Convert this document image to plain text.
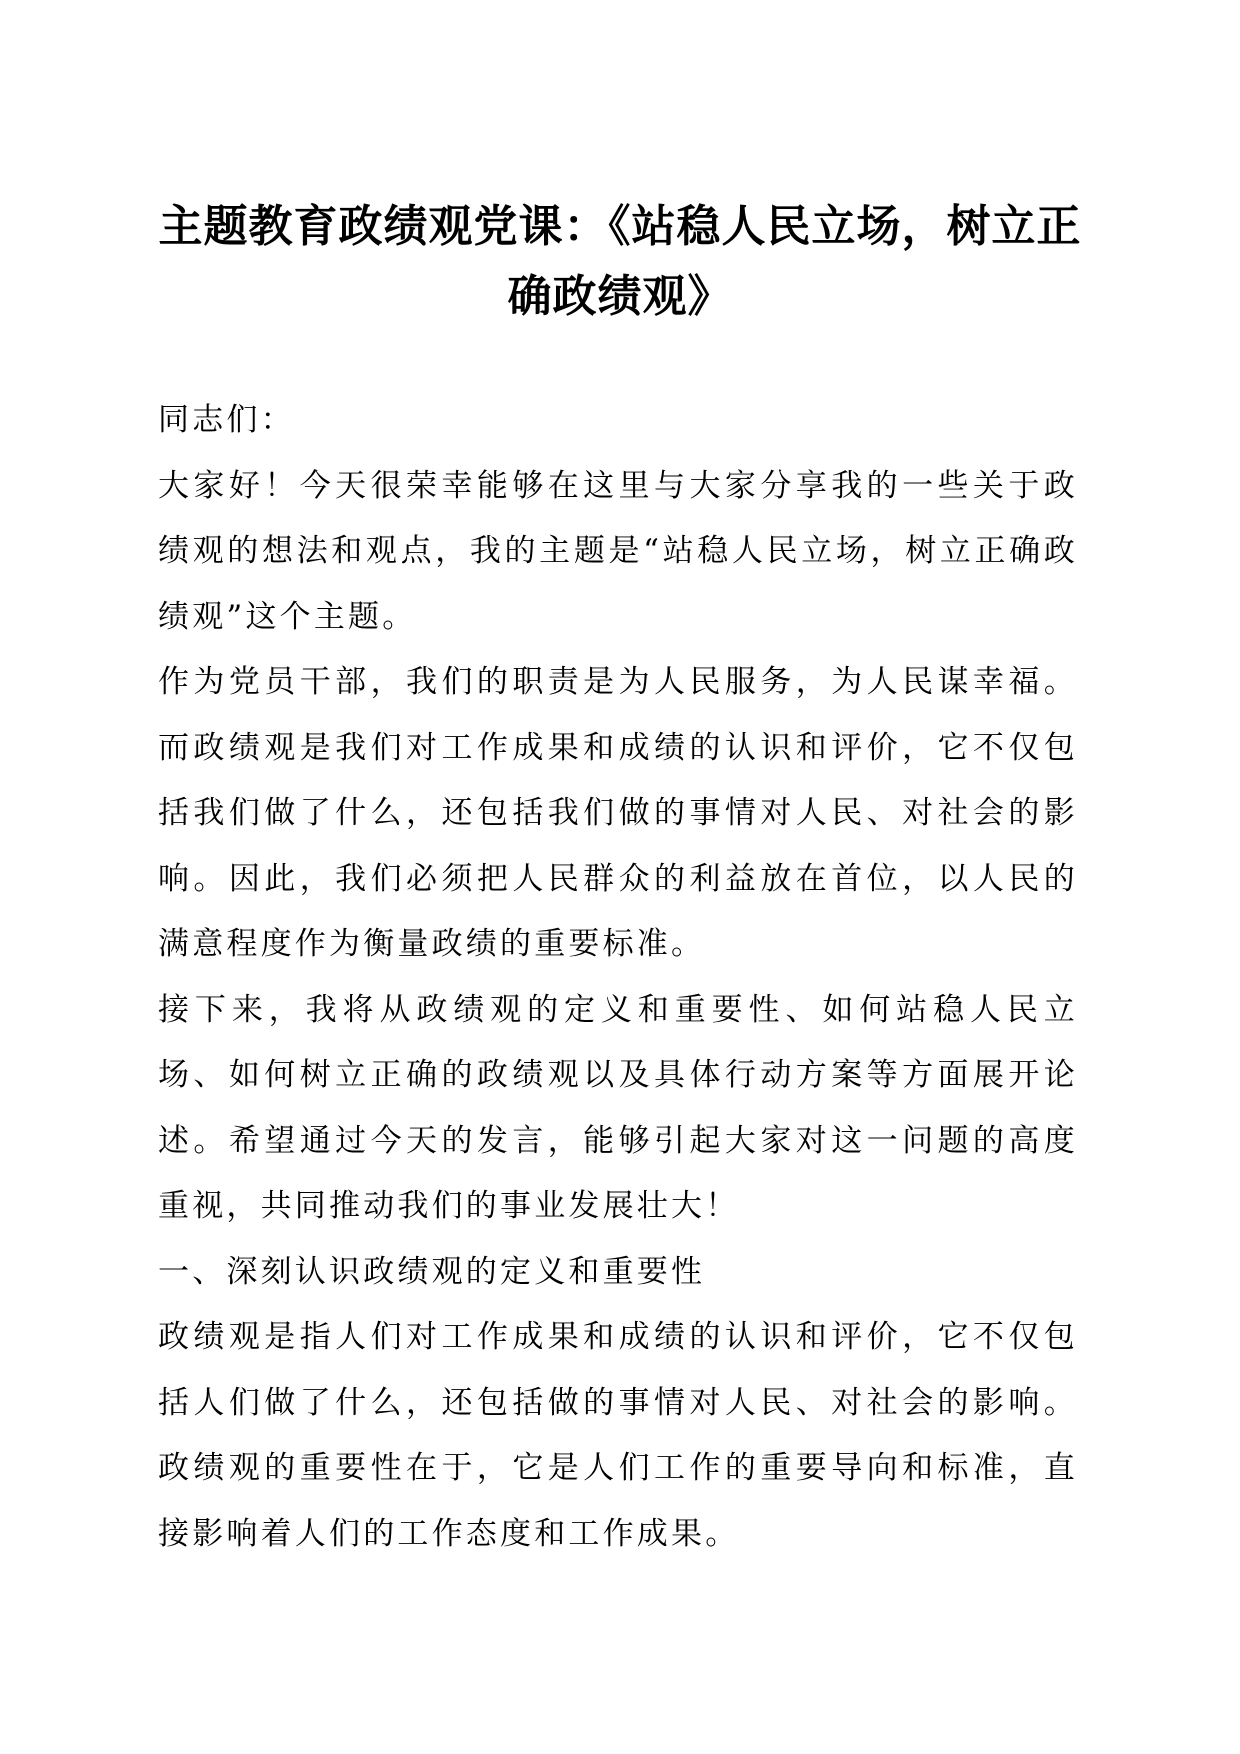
主题教育政绩观党课：《站稳人民立场，树立正确政绩观》

同志们：

大家好！今天很荣幸能够在这里与大家分享我的一些关于政绩观的想法和观点，我的主题是“站稳人民立场，树立正确政绩观”这个主题。

作为党员干部，我们的职责是为人民服务，为人民谋幸福。而政绩观是我们对工作成果和成绩的认识和评价，它不仅包括我们做了什么，还包括我们做的事情对人民、对社会的影响。因此，我们必须把人民群众的利益放在首位，以人民的满意程度作为衡量政绩的重要标准。

接下来，我将从政绩观的定义和重要性、如何站稳人民立场、如何树立正确的政绩观以及具体行动方案等方面展开论述。希望通过今天的发言，能够引起大家对这一问题的高度重视，共同推动我们的事业发展壮大！

一、深刻认识政绩观的定义和重要性

政绩观是指人们对工作成果和成绩的认识和评价，它不仅包括人们做了什么，还包括做的事情对人民、对社会的影响。政绩观的重要性在于，它是人们工作的重要导向和标准，直接影响着人们的工作态度和工作成果。
